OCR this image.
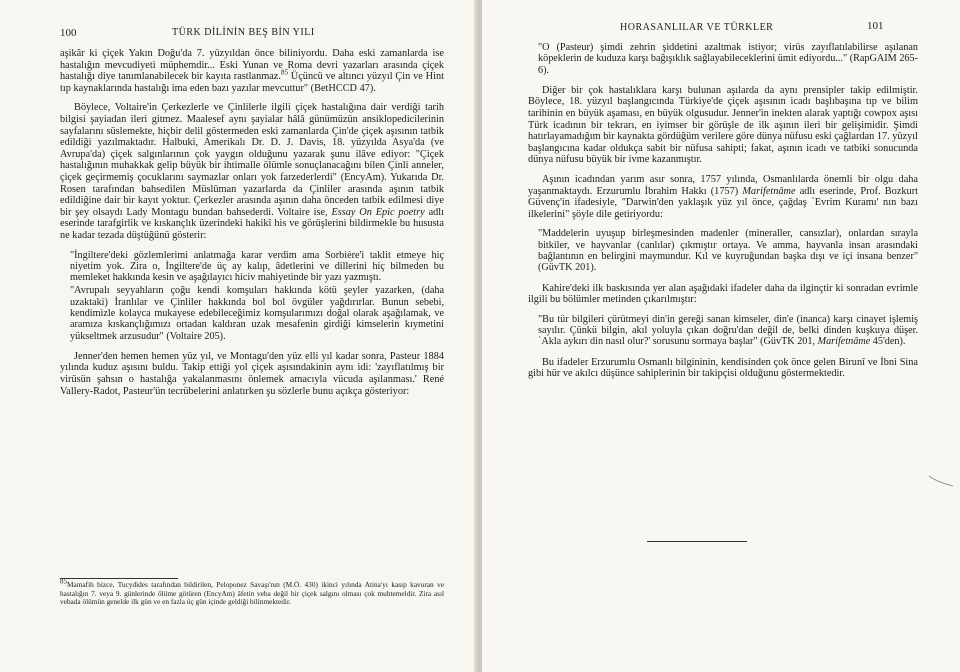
100	TÜRK DİLİNİN BEŞ BİN YILI

aşikâr ki çiçek Yakın Doğu'da 7. yüzyıldan önce biliniyordu. Daha eski zamanlarda ise hastalığın mevcudiyeti müphemdir... Eski Yunan ve Roma devri yazarları arasında çiçek hastalığı diye tanımlanabilecek bir kayıta rastlanmaz.$^{85}$ Üçüncü ve altıncı yüzyıl Çin ve Hint tıp kaynaklarında hastalığı ima eden bazı yazılar mevcuttur" (BetHCCD 47).

Böylece, Voltaire'in Çerkezlerle ve Çinlilerle ilgili çiçek hastalığına dair verdiği tarih bilgisi şayiadan ileri gitmez. Maalesef aynı şayialar hâlâ günümüzün ansiklopedicilerinin sayfalarını süslemekte, hiçbir delil göstermeden eski zamanlarda Çin'de çiçek aşısının tatbik edildiği yazılmaktadır. Halbuki, Amerikalı Dr. D. J. Davis, 18. yüzyılda Asya'da (ve Avrupa'da) çiçek salgınlarının çok yaygın olduğunu yazarak şunu ilâve ediyor: "Çiçek hastalığının muhakkak gelip büyük bir ihtimalle ölümle sonuçlanacağını bilen Çinli anneler, çiçek geçirmemiş çocuklarını saymazlar onları yok farzederlerdi" (EncyAm). Yukarıda Dr. Rosen tarafından bahsedilen Müslüman yazarlarda da Çinliler arasında aşının tatbik edildiğine dair bir kayıt yoktur. Çerkezler arasında aşının daha önceden tatbik edilmesi diye bir şey olsaydı Lady Montagu bundan bahsederdi. Voltaire ise, Essay On Epic poetry adlı eserinde tarafgirlik ve kıskançlık üzerindeki hakikî his ve görüşlerini bildirmekle bu hususta ne kadar tezada düştüğünü gösterir:

"İngiltere'deki gözlemlerimi anlatmağa karar verdim ama Sorbière'i taklit etmeye hiç niyetim yok. Zira o, İngiltere'de üç ay kalıp, âdetlerini ve dillerini hiç bilmeden bu memleket hakkında kesin ve aşağılayıcı hiciv mahiyetinde bir yazı yazmıştı.
"Avrupalı seyyahların çoğu kendi komşuları hakkında kötü şeyler yazarken, (daha uzaktaki) İranlılar ve Çinliler hakkında bol bol övgüler yağdırırlar. Bunun sebebi, kendimizle kolayca mukayese edebileceğimiz komşularımızı doğal olarak aşağılamak, ve aramıza kıskançlığımızı ortadan kaldıran uzak mesafenin girdiği kimselerin kıymetini yükseltmek arzusudur" (Voltaire 205).

Jenner'den hemen hemen yüz yıl, ve Montagu'den yüz elli yıl kadar sonra, Pasteur 1884 yılında kuduz aşısını buldu. Takip ettiği yol çiçek aşısındakinin aynı idi: 'zayıflatılmış bir virüsün şahsın o hastalığa yakalanmasını önlemek amacıyla vücuda aşılanması.' René Vallery-Radot, Pasteur'ün tecrübelerini anlatırken şu sözlerle bunu açıkça gösteriyor:

85Mamafih bizce, Tucydides tarafından bildirilen, Peloponez Savaşı'nın (M.Ö. 430) ikinci yılında Atina'yı kasıp kavuran ve hastalığın 7. veya 9. günlerinde ölüme götüren (EncyAm) âfetin veba değil bir çiçek salgını olması çok muhtemeldir. Zira asıl vebada ölümün genelde ilk gün ve en fazla üç gün içinde geldiği bilinmektedir.
HORASANLILAR VE TÜRKLER	101
"O (Pasteur) şimdi zehrin şiddetini azaltmak istiyor; virüs zayıflatılabilirse aşılanan köpeklerin de kuduza karşı bağışıklık sağlayabileceklerini ümit ediyordu..." (RapGAIM 265-6).

Diğer bir çok hastalıklara karşı bulunan aşılarda da aynı prensipler takip edilmiştir. Böylece, 18. yüzyıl başlangıcında Türkiye'de çiçek aşısının icadı başlıbaşına tıp ve bilim tarihinin en büyük aşaması, en büyük olgusudur. Jenner'in inekten alarak yaptığı cowpox aşısı Türk icadının bir tekrarı, en iyimser bir görüşle de ilk aşının ileri bir gelişimidir. Şimdi hatırlayamadığım bir kaynakta gördüğüm verilere göre dünya nüfusu eski çağlardan 17. yüzyıl başlangıcına kadar oldukça sabit bir nüfusa sahipti; fakat, aşının icadı ve tatbiki sonucunda dünya nüfusu büyük bir ivme kazanmıştır.

Aşının icadından yarım asır sonra, 1757 yılında, Osmanlılarda önemli bir olgu daha yaşanmaktaydı. Erzurumlu İbrahim Hakkı (1757) Marifetnâme adlı eserinde, Prof. Bozkurt Güvenç'in ifadesiyle, "Darwin'den yaklaşık yüz yıl önce, çağdaş `Evrim Kuramı' nın bazı ilkelerini" şöyle dile getiriyordu:

"Maddelerin uyuşup birleşmesinden madenler (mineraller, cansızlar), onlardan sırayla bitkiler, ve hayvanlar (canlılar) çıkmıştır ortaya. Ve amma, hayvanla insan arasındaki bağlantının en belirgini maymundur. Kıl ve kuyruğundan başka dışı ve içi insana benzer" (GüvTK 201).

Kahire'deki ilk baskısında yer alan aşağıdaki ifadeler daha da ilginçtir ki sonradan evrimle ilgili bu bölümler metinden çıkarılmıştır:

"Bu tür bilgileri çürütmeyi din'in gereği sanan kimseler, din'e (inanca) karşı cinayet işlemiş sayılır. Çünkü bilgin, akıl yoluyla çıkan doğru'dan değil de, belki dinden kuşkuya düşer. `Akla aykırı din nasıl olur?' sorusunu sormaya başlar" (GüvTK 201, Marifetnâme 45'den).

Bu ifadeler Erzurumlu Osmanlı bilgininin, kendisinden çok önce gelen Birunî ve İbni Sina gibi hür ve akılcı düşünce sahiplerinin bir takipçisi olduğunu göstermektedir.
